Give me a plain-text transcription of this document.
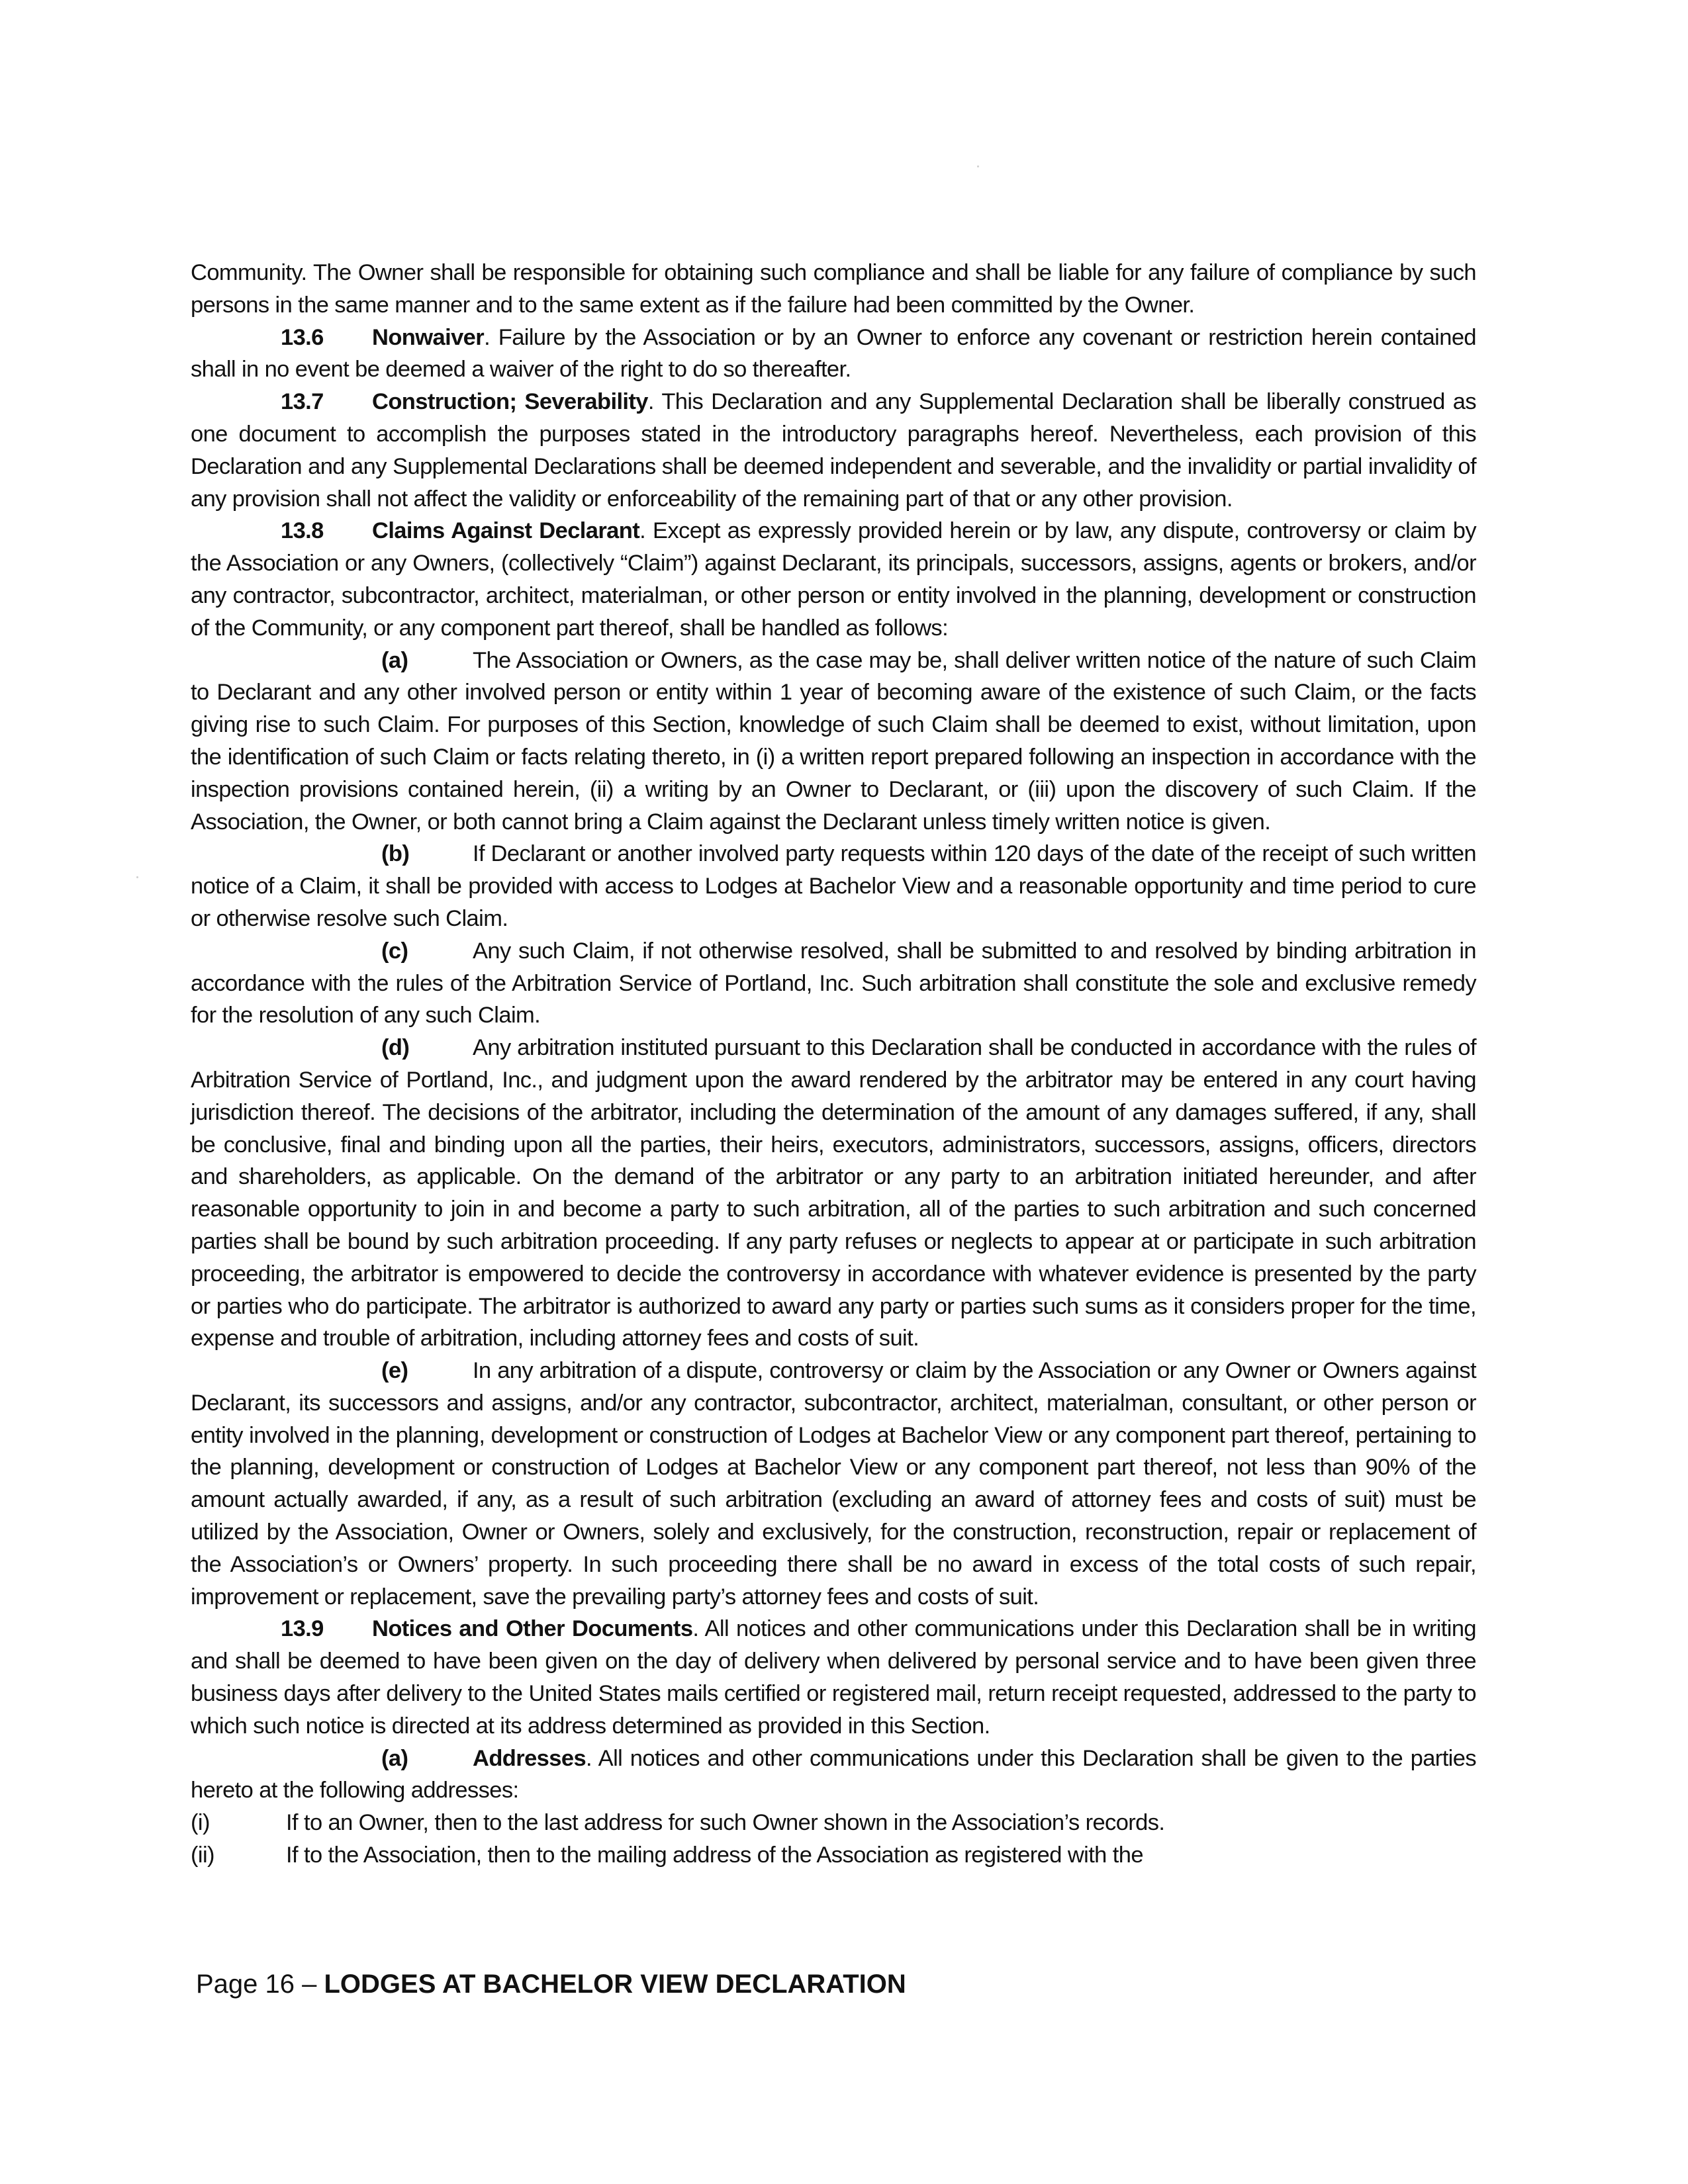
Community. The Owner shall be responsible for obtaining such compliance and shall be liable for any failure of compliance by such persons in the same manner and to the same extent as if the failure had been committed by the Owner.

13.6 Nonwaiver. Failure by the Association or by an Owner to enforce any covenant or restriction herein contained shall in no event be deemed a waiver of the right to do so thereafter.

13.7 Construction; Severability. This Declaration and any Supplemental Declaration shall be liberally construed as one document to accomplish the purposes stated in the introductory paragraphs hereof. Nevertheless, each provision of this Declaration and any Supplemental Declarations shall be deemed independent and severable, and the invalidity or partial invalidity of any provision shall not affect the validity or enforceability of the remaining part of that or any other provision.

13.8 Claims Against Declarant. Except as expressly provided herein or by law, any dispute, controversy or claim by the Association or any Owners, (collectively “Claim”) against Declarant, its principals, successors, assigns, agents or brokers, and/or any contractor, subcontractor, architect, materialman, or other person or entity involved in the planning, development or construction of the Community, or any component part thereof, shall be handled as follows:

(a)	The Association or Owners, as the case may be, shall deliver written notice of the nature of such Claim to Declarant and any other involved person or entity within 1 year of becoming aware of the existence of such Claim, or the facts giving rise to such Claim. For purposes of this Section, knowledge of such Claim shall be deemed to exist, without limitation, upon the identification of such Claim or facts relating thereto, in (i) a written report prepared following an inspection in accordance with the inspection provisions contained herein, (ii) a writing by an Owner to Declarant, or (iii) upon the discovery of such Claim. If the Association, the Owner, or both cannot bring a Claim against the Declarant unless timely written notice is given.

(b)	If Declarant or another involved party requests within 120 days of the date of the receipt of such written notice of a Claim, it shall be provided with access to Lodges at Bachelor View and a reasonable opportunity and time period to cure or otherwise resolve such Claim.

(c)	Any such Claim, if not otherwise resolved, shall be submitted to and resolved by binding arbitration in accordance with the rules of the Arbitration Service of Portland, Inc. Such arbitration shall constitute the sole and exclusive remedy for the resolution of any such Claim.

(d)	Any arbitration instituted pursuant to this Declaration shall be conducted in accordance with the rules of Arbitration Service of Portland, Inc., and judgment upon the award rendered by the arbitrator may be entered in any court having jurisdiction thereof. The decisions of the arbitrator, including the determination of the amount of any damages suffered, if any, shall be conclusive, final and binding upon all the parties, their heirs, executors, administrators, successors, assigns, officers, directors and shareholders, as applicable. On the demand of the arbitrator or any party to an arbitration initiated hereunder, and after reasonable opportunity to join in and become a party to such arbitration, all of the parties to such arbitration and such concerned parties shall be bound by such arbitration proceeding. If any party refuses or neglects to appear at or participate in such arbitration proceeding, the arbitrator is empowered to decide the controversy in accordance with whatever evidence is presented by the party or parties who do participate. The arbitrator is authorized to award any party or parties such sums as it considers proper for the time, expense and trouble of arbitration, including attorney fees and costs of suit.

(e)	In any arbitration of a dispute, controversy or claim by the Association or any Owner or Owners against Declarant, its successors and assigns, and/or any contractor, subcontractor, architect, materialman, consultant, or other person or entity involved in the planning, development or construction of Lodges at Bachelor View or any component part thereof, pertaining to the planning, development or construction of Lodges at Bachelor View or any component part thereof, not less than 90% of the amount actually awarded, if any, as a result of such arbitration (excluding an award of attorney fees and costs of suit) must be utilized by the Association, Owner or Owners, solely and exclusively, for the construction, reconstruction, repair or replacement of the Association’s or Owners’ property. In such proceeding there shall be no award in excess of the total costs of such repair, improvement or replacement, save the prevailing party’s attorney fees and costs of suit.

13.9 Notices and Other Documents. All notices and other communications under this Declaration shall be in writing and shall be deemed to have been given on the day of delivery when delivered by personal service and to have been given three business days after delivery to the United States mails certified or registered mail, return receipt requested, addressed to the party to which such notice is directed at its address determined as provided in this Section.

(a)	Addresses. All notices and other communications under this Declaration shall be given to the parties hereto at the following addresses:

(i)	If to an Owner, then to the last address for such Owner shown in the Association’s records.

(ii)	If to the Association, then to the mailing address of the Association as registered with the

Page 16 – LODGES AT BACHELOR VIEW DECLARATION
